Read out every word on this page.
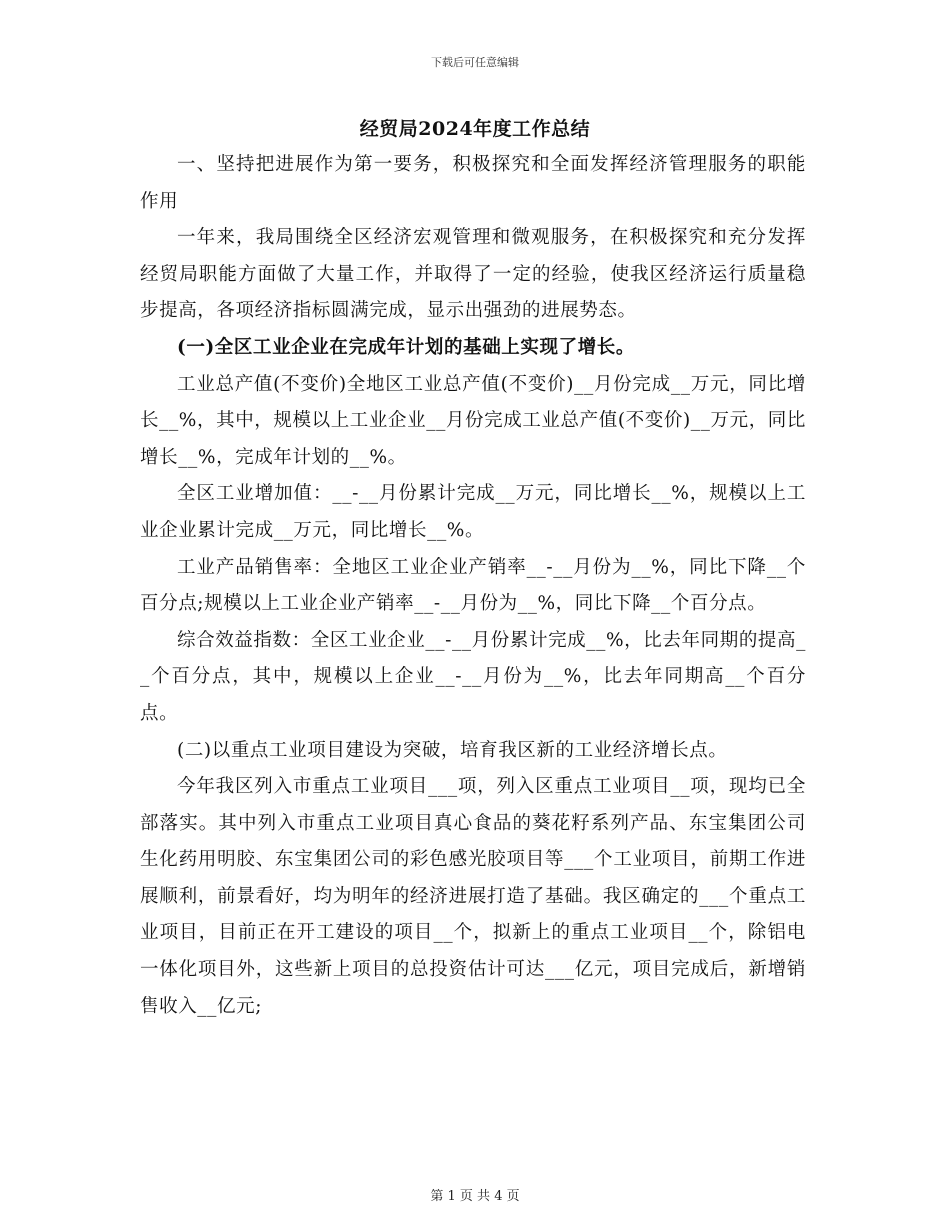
下载后可任意编辑
经贸局2024年度工作总结

一、坚持把进展作为第一要务，积极探究和全面发挥经济管理服务的职能作用

一年来，我局围绕全区经济宏观管理和微观服务，在积极探究和充分发挥经贸局职能方面做了大量工作，并取得了一定的经验，使我区经济运行质量稳步提高，各项经济指标圆满完成，显示出强劲的进展势态。

(一)全区工业企业在完成年计划的基础上实现了增长。

工业总产值(不变价)全地区工业总产值(不变价)__月份完成__万元，同比增长__%，其中，规模以上工业企业__月份完成工业总产值(不变价)__万元，同比增长__%，完成年计划的__%。

全区工业增加值：__-__月份累计完成__万元，同比增长__%，规模以上工业企业累计完成__万元，同比增长__%。

工业产品销售率：全地区工业企业产销率__-__月份为__%，同比下降__个百分点;规模以上工业企业产销率__-__月份为__%，同比下降__个百分点。

综合效益指数：全区工业企业__-__月份累计完成__%，比去年同期的提高__个百分点，其中，规模以上企业__-__月份为__%，比去年同期高__个百分点。

(二)以重点工业项目建设为突破，培育我区新的工业经济增长点。

今年我区列入市重点工业项目___项，列入区重点工业项目__项，现均已全部落实。其中列入市重点工业项目真心食品的葵花籽系列产品、东宝集团公司生化药用明胶、东宝集团公司的彩色感光胶项目等___个工业项目，前期工作进展顺利，前景看好，均为明年的经济进展打造了基础。我区确定的___个重点工业项目，目前正在开工建设的项目__个，拟新上的重点工业项目__个，除铝电一体化项目外，这些新上项目的总投资估计可达___亿元，项目完成后，新增销售收入__亿元;

第 1 页 共 4 页
